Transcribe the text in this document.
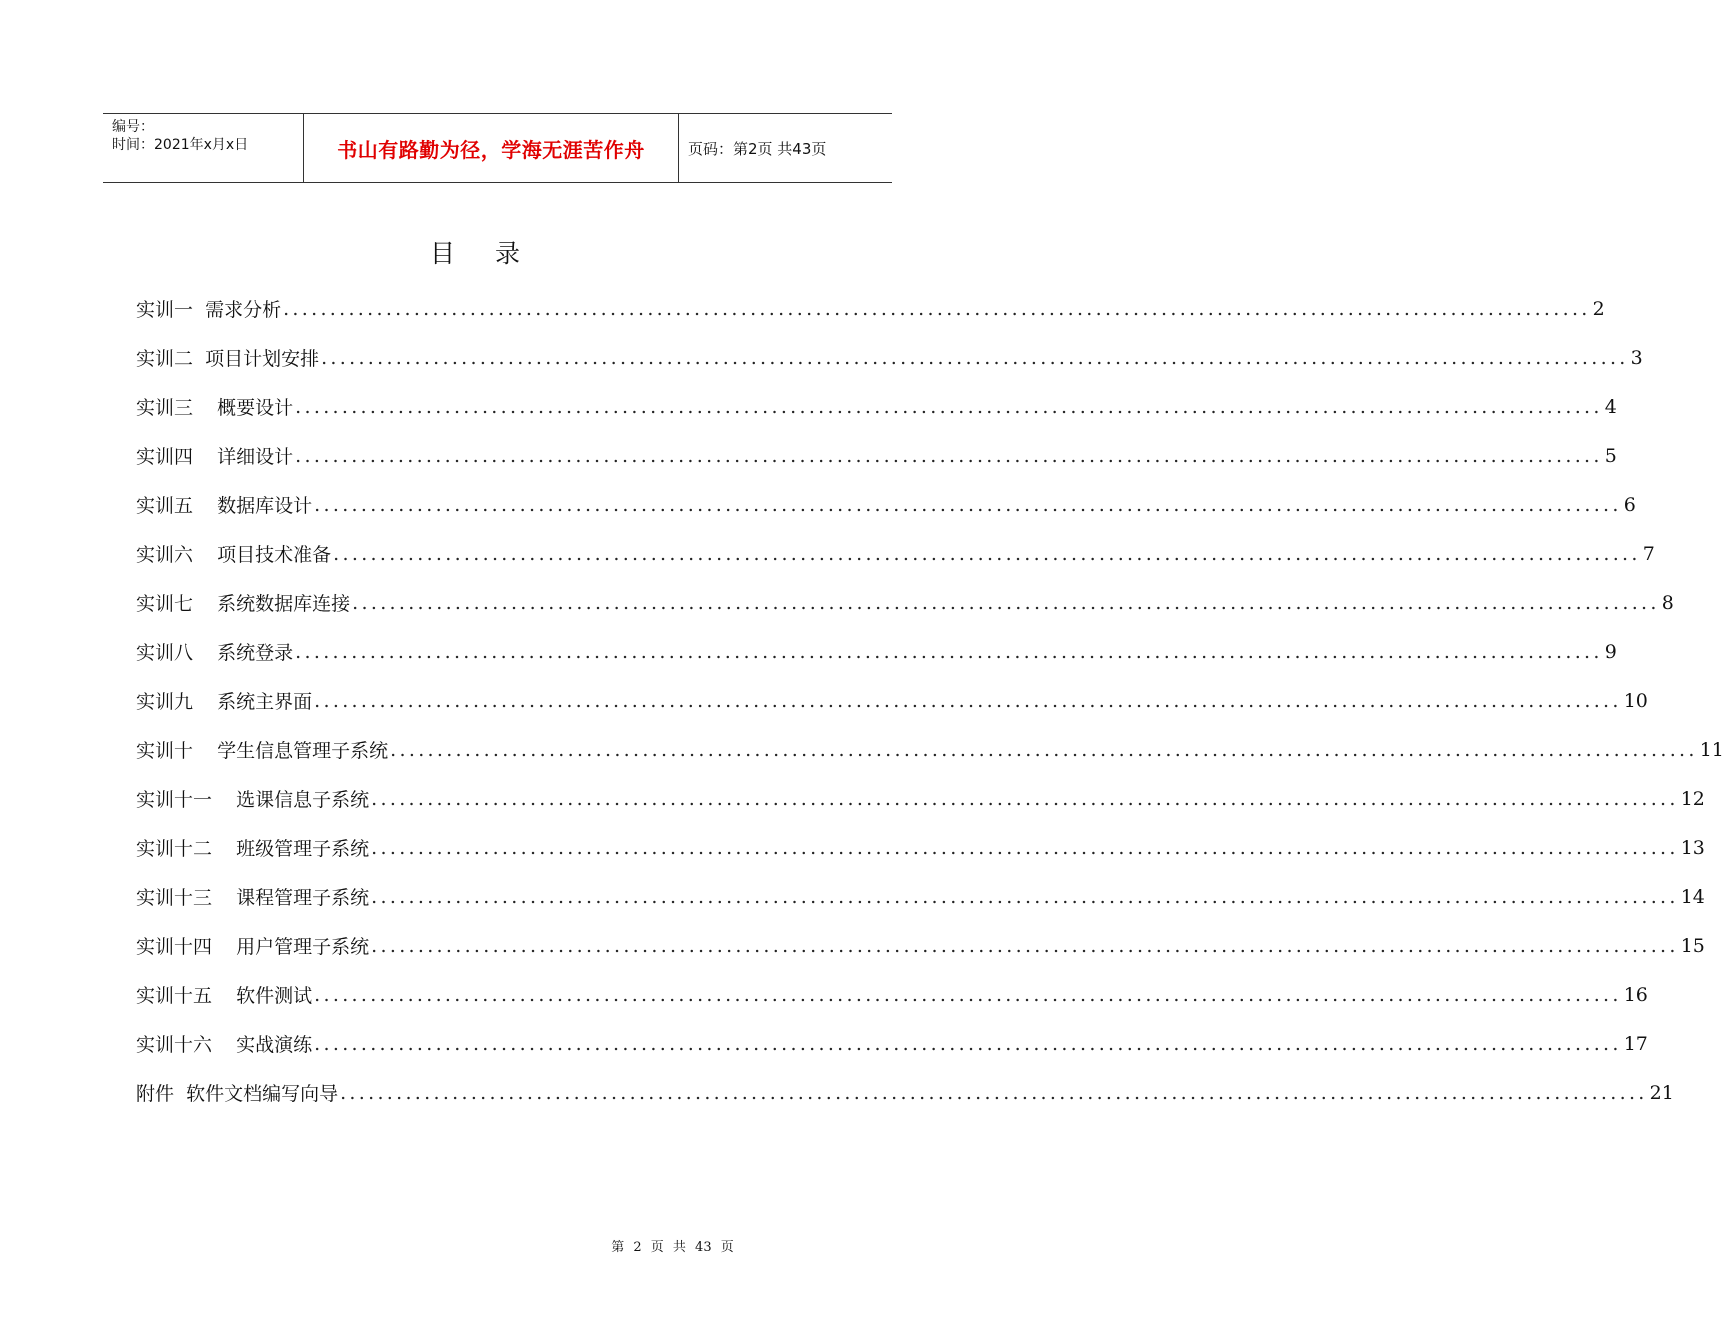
编号：
时间：2021年x月x日	书山有路勤为径，学海无涯苦作舟	页码：第2页 共43页
目录
实训一  需求分析 ............................................................................................................................................ 2
实训二  项目计划安排 ............................................................................................................................................ 3
实训三    概要设计 ............................................................................................................................................ 4
实训四    详细设计 ............................................................................................................................................ 5
实训五    数据库设计 ............................................................................................................................................ 6
实训六    项目技术准备 ............................................................................................................................................ 7
实训七    系统数据库连接 ............................................................................................................................................ 8
实训八    系统登录 ............................................................................................................................................ 9
实训九    系统主界面 ............................................................................................................................................ 10
实训十    学生信息管理子系统 ............................................................................................................................................ 11
实训十一    选课信息子系统 ............................................................................................................................................ 12
实训十二    班级管理子系统 ............................................................................................................................................ 13
实训十三    课程管理子系统 ............................................................................................................................................ 14
实训十四    用户管理子系统 ............................................................................................................................................ 15
实训十五    软件测试 ............................................................................................................................................ 16
实训十六    实战演练 ............................................................................................................................................ 17
附件  软件文档编写向导 ............................................................................................................................................ 21
第 2 页 共 43 页
